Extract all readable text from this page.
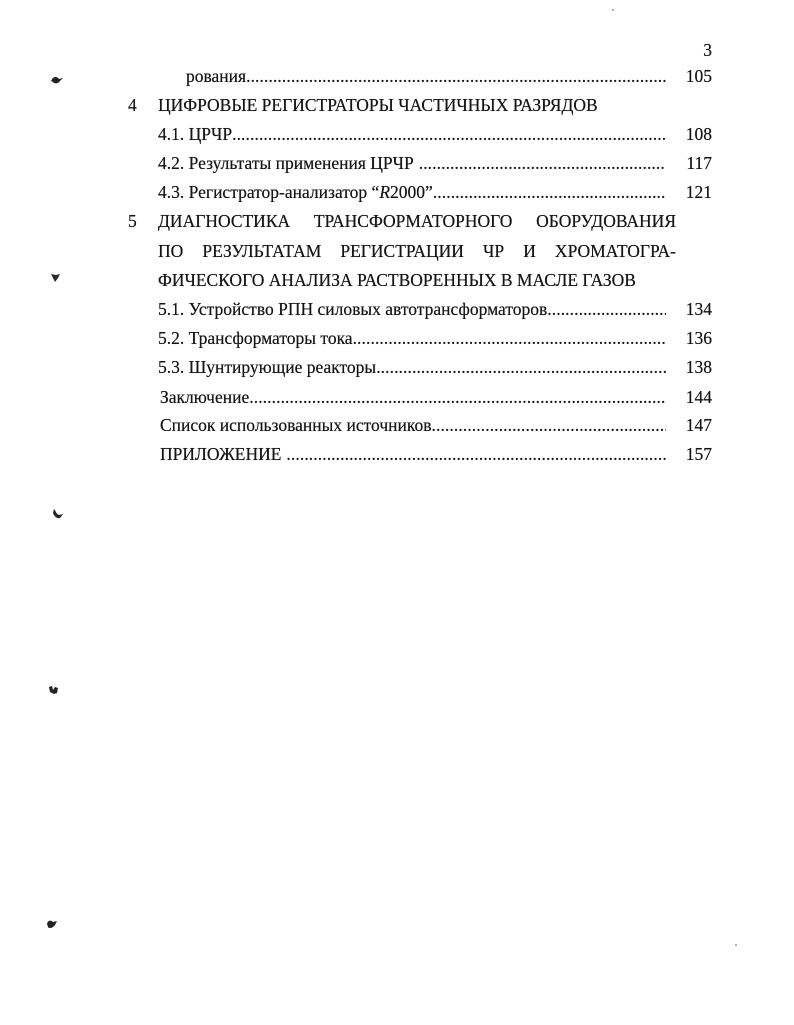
3
рования .....	105
4 ЦИФРОВЫЕ РЕГИСТРАТОРЫ ЧАСТИЧНЫХ РАЗРЯДОВ
4.1. ЦРЧР .....	108
4.2. Результаты применения ЦРЧР .....	117
4.3. Регистратор-анализатор “R2000” .....	121
5 ДИАГНОСТИКА ТРАНСФОРМАТОРНОГО ОБОРУДОВАНИЯ
ПО РЕЗУЛЬТАТАМ РЕГИСТРАЦИИ ЧР И ХРОМАТОГРА-
ФИЧЕСКОГО АНАЛИЗА РАСТВОРЕННЫХ В МАСЛЕ ГАЗОВ
5.1. Устройство РПН силовых автотрансформаторов .....	134
5.2. Трансформаторы тока .....	136
5.3. Шунтирующие реакторы .....	138
Заключение .....	144
Список использованных источников .....	147
ПРИЛОЖЕНИЕ .....	157
